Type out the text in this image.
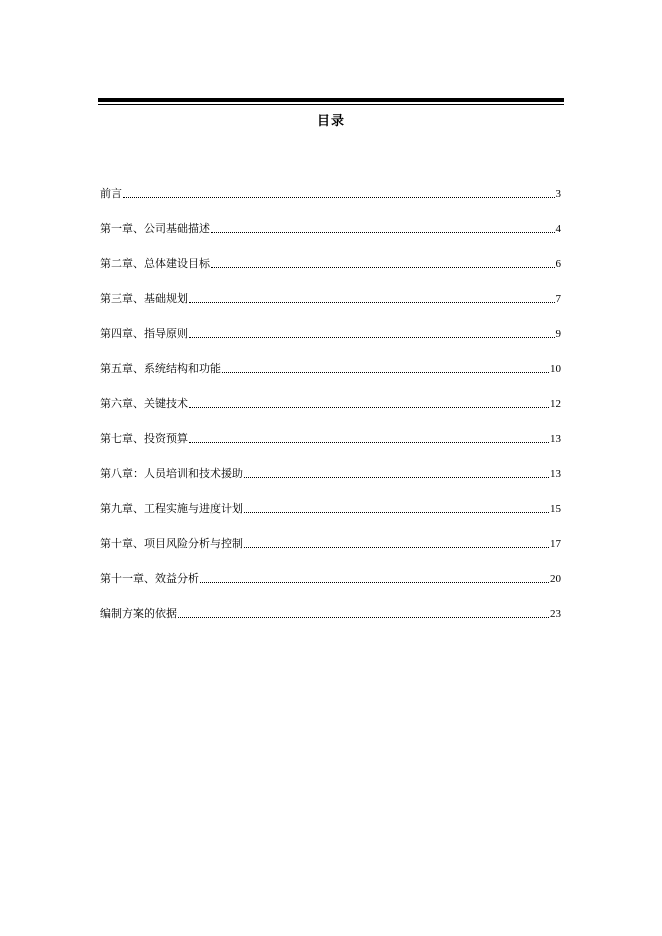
目录
前言	3
第一章、公司基础描述	4
第二章、总体建设目标	6
第三章、基础规划	7
第四章、指导原则	9
第五章、系统结构和功能	10
第六章、关键技术	12
第七章、投资预算	13
第八章：人员培训和技术援助	13
第九章、工程实施与进度计划	15
第十章、项目风险分析与控制	17
第十一章、效益分析	20
编制方案的依据	23
